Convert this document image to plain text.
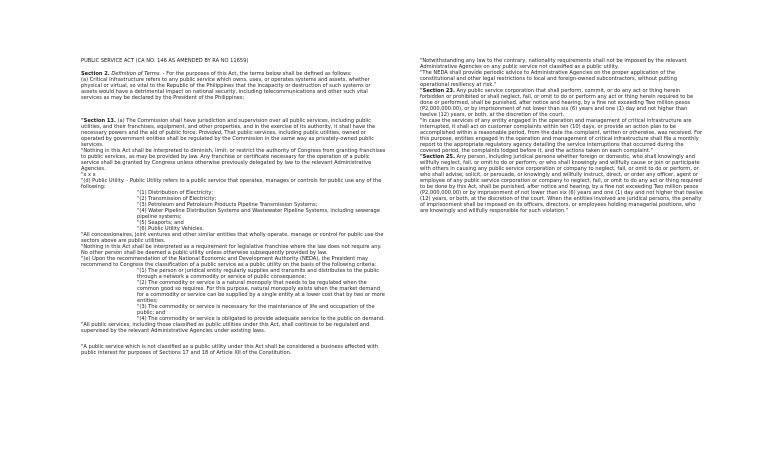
PUBLIC SERVICE ACT (CA NO. 146 AS AMENDED BY RA NO 11659)

Section 2. Definition of Terms. - For the purposes of this Act, the terms below shall be defined as follows:

(a) Critical Infrastructure refers to any public service which owns, uses, or operates systems and assets, whether physical or virtual, so vital to the Republic of the Philippines that the incapacity or destruction of such systems or assets would have a detrimental impact on national security, including telecommunications and other such vital services as may be declared by the President of the Philippines;

"Section 13. (a) The Commission shall have jurisdiction and supervision over all public services, including public utilities, and their franchises, equipment, and other properties, and in the exercise of its authority, it shall have the necessary powers and the aid of public force: Provided, That public services, including public utilities, owned or operated by government entities shall be regulated by the Commission in the same way as privately-owned public services.

"Nothing in this Act shall be interpreted to diminish, limit, or restrict the authority of Congress from granting franchises to public services, as may be provided by law. Any franchise or certificate necessary for the operation of a public service shall be granted by Congress unless otherwise previously delegated by law to the relevant Administrative Agencies.

"x x x

"(d) Public Utility. - Public Utility refers to a public service that operates, manages or controls for public use any of the following:

"(1) Distribution of Electricity;

"(2) Transmission of Electricity;

"(3) Petroleum and Petroleum Products Pipeline Transmission Systems;

"(4) Water Pipeline Distribution Systems and Wastewater Pipeline Systems, including sewerage pipeline systems;

"(5) Seaports; and

"(6) Public Utility Vehicles.

"All concessionaires, joint ventures and other similar entities that wholly operate, manage or control for public use the sectors above are public utilities.

"Nothing in this Act shall be interpreted as a requirement for legislative franchise where the law does not require any. No other person shall be deemed a public utility unless otherwise subsequently provided by law.

"(e) Upon the recommendation of the National Economic and Development Authority (NEDA), the President may recommend to Congress the classification of a public service as a public utility on the basis of the following criteria:

"(1) The person or juridical entity regularly supplies and transmits and distributes to the public through a network a commodity or service of public consequence;

"(2) The commodity or service is a natural monopoly that needs to be regulated when the common good so requires. For this purpose, natural monopoly exists when the market demand for a commodity or service can be supplied by a single entity at a lower cost that by two or more entities;

"(3) The commodity or service is necessary for the maintenance of life and occupation of the public; and

"(4) The commodity or service is obligated to provide adequate service to the public on demand.

"All public services, including those classified as public utilities under this Act, shall continue to be regulated and supervised by the relevant Administrative Agencies under existing laws.

"A public service which is not classified as a public utility under this Act shall be considered a business affected with public interest for purposes of Sections 17 and 18 of Article XII of the Constitution.

"Notwithstanding any law to the contrary, nationality requirements shall not be imposed by the relevant Administrative Agencies on any public service not classified as a public utility.

"The NEDA shall provide periodic advice to Administrative Agencies on the proper application of the constitutional and other legal restrictions to local and foreign-owned subcontractors, without putting operational resiliency at risk."

"Section 23. Any public service corporation that shall perform, commit, or do any act or thing herein forbidden or prohibited or shall neglect, fail, or omit to do or perform any act or thing herein required to be done or performed, shall be punished, after notice and hearing, by a fine not exceeding Two million pesos (P2,000,000.00), or by imprisonment of not lower than six (6) years and one (1) day and not higher than twelve (12) years, or both, at the discretion of the court.

"In case the services of any entity engaged in the operation and management of critical infrastructure are interrupted, it shall act on customer complaints within ten (10) days, or provide an action plan to be accomplished within a reasonable period, from the date the complaint, written or otherwise, was received. For this purpose, entities engaged in the operation and management of critical infrastructure shall file a monthly report to the appropriate regulatory agency detailing the service interruptions that occurred during the covered period, the complaints lodged before it, and the actions taken on each complaint."

"Section 25. Any person, including juridical persons whether foreign or domestic, who shall knowingly and willfully neglect, fail, or omit to do or perform, or who shall knowingly and willfully cause or join or participate with others in causing any public service corporation or company to neglect, fail, or omit to do or perform, or who shall advise, solicit, or persuade, or knowingly and willfully instruct, direct, or order any officer, agent or employee of any public service corporation or company to neglect, fail, or omit to do any act or thing required to be done by this Act, shall be punished, after notice and hearing, by a fine not exceeding Two million pesos (P2,000,000.00) or by imprisonment of not lower than six (6) years and one (1) day and not higher that twelve (12) years, or both, at the discretion of the court. When the entities involved are juridical persons, the penalty of imprisonment shall be imposed on its officers, directors, or employees holding managerial positions, who are knowingly and willfully responsible for such violation."
